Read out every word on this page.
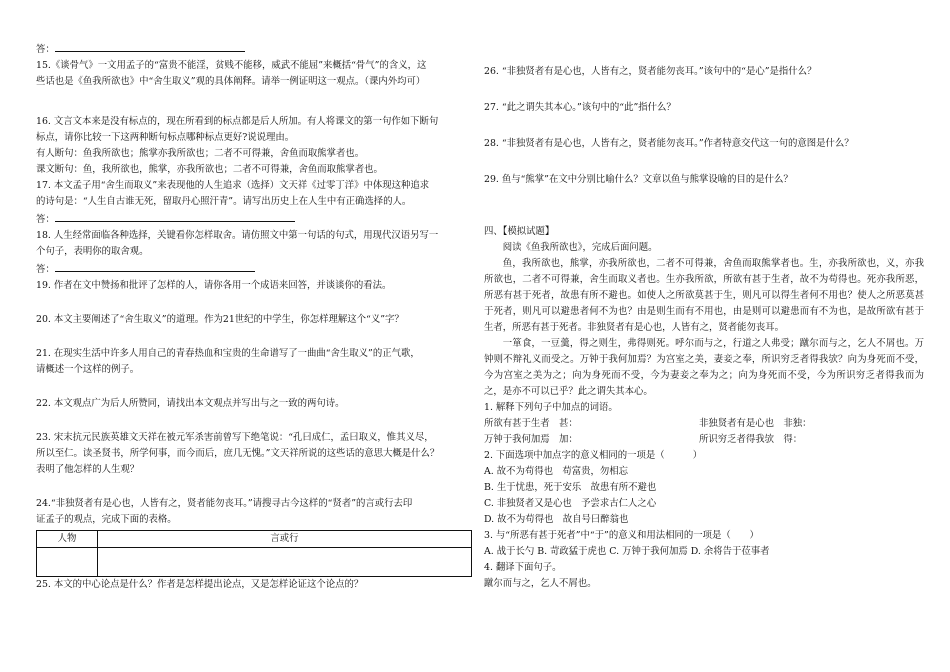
答：

15.《谈骨气》一文用孟子的“富贵不能淫，贫贱不能移，威武不能屈”来概括“骨气”的含义，这

些话也是《鱼我所欲也》中“舍生取义”观的具体阐释。请举一例证明这一观点。（课内外均可）

16. 文言文本来是没有标点的，现在所看到的标点都是后人所加。有人将课文的第一句作如下断句

标点，请你比较一下这两种断句标点哪种标点更好?说说理由。

有人断句：鱼我所欲也；熊掌亦我所欲也；二者不可得兼，舍鱼而取熊掌者也。

课文断句：鱼，我所欲也，熊掌，亦我所欲也；二者不可得兼，舍鱼而取熊掌者也。

17. 本文孟子用“舍生而取义”来表现他的人生追求（选择）文天祥《过零丁洋》中体现这种追求

的诗句是：“人生自古谁无死，留取丹心照汗青”。请写出历史上在人生中有正确选择的人。

答：

18. 人生经常面临各种选择，关键看你怎样取舍。请仿照文中第一句话的句式，用现代汉语另写一

个句子，表明你的取舍观。

答：

19. 作者在文中赞扬和批评了怎样的人，请你各用一个成语来回答，并谈谈你的看法。

20. 本文主要阐述了“舍生取义”的道理。作为21世纪的中学生，你怎样理解这个“义”字？

21. 在现实生活中许多人用自己的青春热血和宝贵的生命谱写了一曲曲“舍生取义”的正气歌，

请概述一个这样的例子。

22. 本文观点广为后人所赞同，请找出本文观点并写出与之一致的两句诗。

23. 宋末抗元民族英雄文天祥在被元军杀害前曾写下绝笔说：“孔曰成仁，孟曰取义，惟其义尽，

所以至仁。读圣贤书，所学何事，而今而后，庶几无愧。”文天祥所说的这些话的意思大概是什么？

表明了他怎样的人生观？

24.“非独贤者有是心也，人皆有之，贤者能勿丧耳。”请搜寻古今这样的“贤者”的言或行去印

证孟子的观点，完成下面的表格。

人物	言或行

25. 本文的中心论点是什么？作者是怎样提出论点，又是怎样论证这个论点的？

26. “非独贤者有是心也，人皆有之，贤者能勿丧耳。”该句中的“是心”是指什么？

27. “此之谓失其本心。”该句中的“此”指什么？

28. “非独贤者有是心也，人皆有之，贤者能勿丧耳。”作者特意交代这一句的意图是什么？

29. 鱼与“熊掌”在文中分别比喻什么？文章以鱼与熊掌设喻的目的是什么？

四、【模拟试题】

阅读《鱼我所欲也》，完成后面问题。

鱼，我所欲也，熊掌，亦我所欲也，二者不可得兼，舍鱼而取熊掌者也。生，亦我所欲也，义，亦我所欲也，二者不可得兼，舍生而取义者也。生亦我所欲，所欲有甚于生者，故不为苟得也。死亦我所恶，所恶有甚于死者，故患有所不避也。如使人之所欲莫甚于生，则凡可以得生者何不用也？使人之所恶莫甚于死者，则凡可以避患者何不为也？由是则生而有不用也，由是则可以避患而有不为也，是故所欲有甚于生者，所恶有甚于死者。非独贤者有是心也，人皆有之，贤者能勿丧耳。

一箪食，一豆羹，得之则生，弗得则死。呼尔而与之，行道之人弗受；蹴尔而与之，乞人不屑也。万钟则不辩礼义而受之。万钟于我何加焉？为宫室之美，妻妾之奉，所识穷乏者得我欤？向为身死而不受，今为宫室之美为之；向为身死而不受，今为妻妾之奉为之；向为身死而不受，今为所识穷乏者得我而为之，是亦不可以已乎？此之谓失其本心。

1. 解释下列句子中加点的词语。

所欲有甚于生者　甚：	非独贤者有是心也　非独：

万钟于我何加焉　加：	所识穷乏者得我欤　得：

2. 下面选项中加点字的意义相同的一项是（　　　）

A. 故不为苟得也　苟富贵，勿相忘

B. 生于忧患，死于安乐　故患有所不避也

C. 非独贤者又是心也　予尝求古仁人之心

D. 故不为苟得也　故自号曰醉翁也

3. 与“所恶有甚于死者”中“于”的意义和用法相同的一项是（　　）

A. 战于长勺 B. 苛政猛于虎也 C. 万钟于我何加焉 D. 余将告于莅事者

4. 翻译下面句子。

蹴尔而与之，乞人不屑也。
